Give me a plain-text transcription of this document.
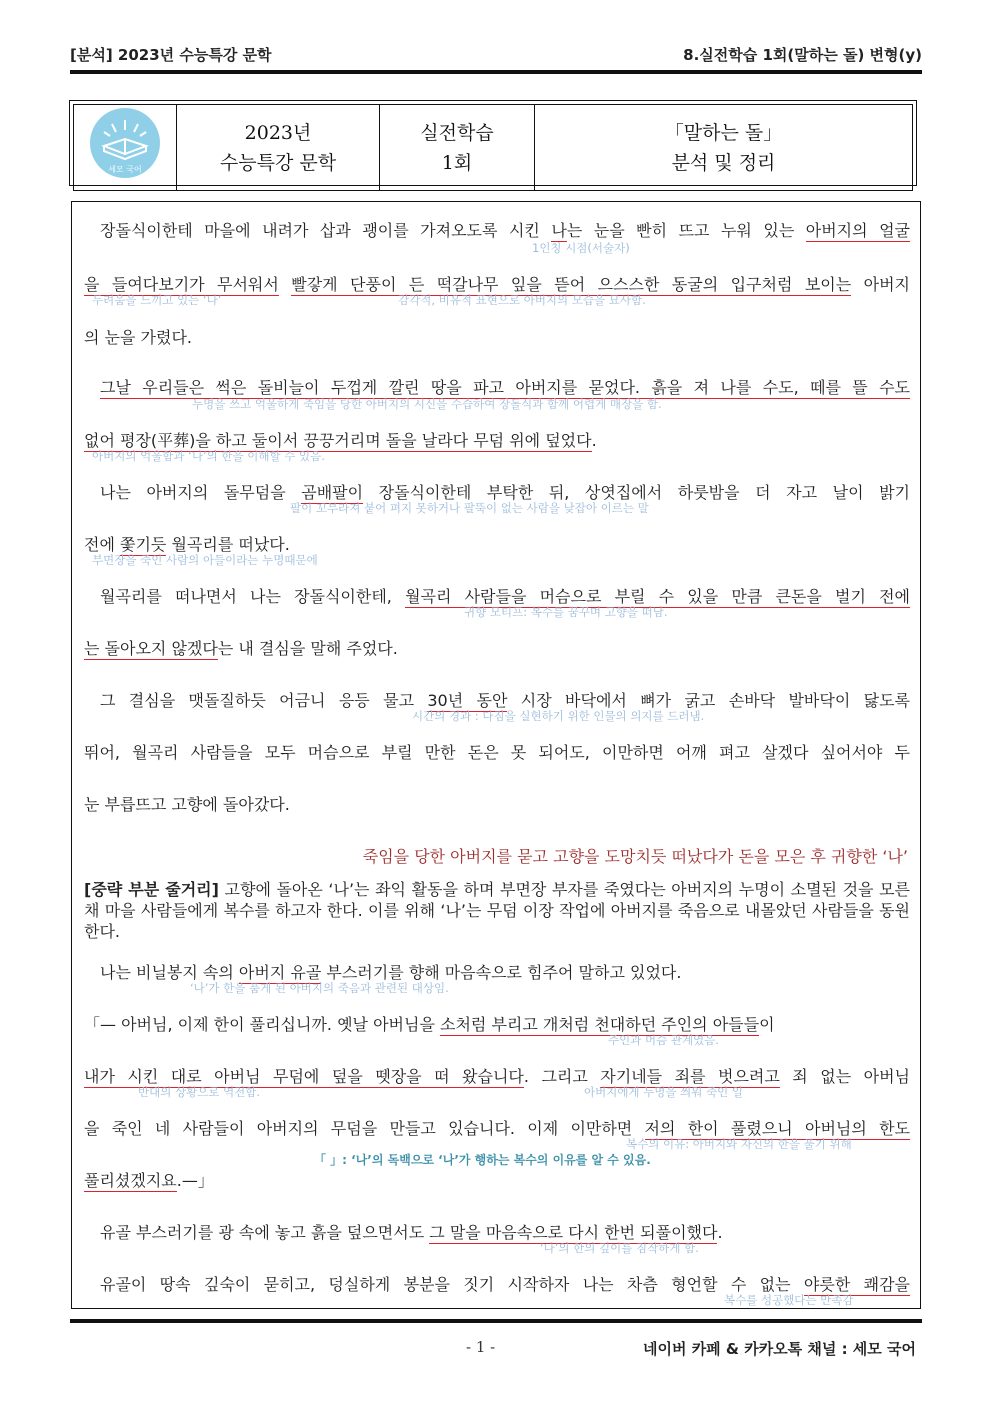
[분석] 2023년 수능특강 문학	8.실전학습 1회(말하는 돌) 변형(y)
세모 국어

2023년
수능특강 문학

실전학습
1회

「말하는 돌」
분석 및 정리
장돌식이한테 마을에 내려가 삽과 괭이를 가져오도록 시킨 나는 눈을 빤히 뜨고 누워 있는 아버지의 얼굴
1인칭 시점(서술자)
을 들여다보기가 무서워서 빨갛게 단풍이 든 떡갈나무 잎을 뜯어 으스스한 동굴의 입구처럼 보이는 아버지
두려움을 느끼고 있는 ‘나’	감각적, 비유적 표현으로 아버지의 모습을 묘사함.
의 눈을 가렸다.
그날 우리들은 썩은 돌비늘이 두껍게 깔린 땅을 파고 아버지를 묻었다. 흙을 져 나를 수도, 떼를 뜰 수도
누명을 쓰고 억울하게 죽임을 당한 아버지의 시신을 수습하여 장돌식과 함께 어렵게 매장을 함.
없어 평장(平葬)을 하고 둘이서 끙끙거리며 돌을 날라다 무덤 위에 덮었다.
아버지의 억울함과 ‘나’의 한을 이해할 수 있음.
나는 아버지의 돌무덤을 곰배팔이 장돌식이한테 부탁한 뒤, 상엿집에서 하룻밤을 더 자고 날이 밝기
팔이 꼬부라져 붙어 펴지 못하거나 팔뚝이 없는 사람을 낮잡아 이르는 말
전에 쫓기듯 월곡리를 떠났다.
부면장을 죽인 사람의 아들이라는 누명때문에
월곡리를 떠나면서 나는 장돌식이한테, 월곡리 사람들을 머슴으로 부릴 수 있을 만큼 큰돈을 벌기 전에
귀향 모티프: 복수를 꿈꾸며 고향을 떠남.
는 돌아오지 않겠다는 내 결심을 말해 주었다.
그 결심을 맷돌질하듯 어금니 응등 물고 30년 동안 시장 바닥에서 뼈가 굵고 손바닥 발바닥이 닳도록
시간의 경과 : 다짐을 실현하기 위한 인물의 의지를 드러냄.
뛰어, 월곡리 사람들을 모두 머슴으로 부릴 만한 돈은 못 되어도, 이만하면 어깨 펴고 살겠다 싶어서야 두
눈 부릅뜨고 고향에 돌아갔다.
죽임을 당한 아버지를 묻고 고향을 도망치듯 떠났다가 돈을 모은 후 귀향한 ‘나’
[중략 부분 줄거리] 고향에 돌아온 ‘나’는 좌익 활동을 하며 부면장 부자를 죽였다는 아버지의 누명이 소멸된 것을 모른 채 마을 사람들에게 복수를 하고자 한다. 이를 위해 ‘나’는 무덤 이장 작업에 아버지를 죽음으로 내몰았던 사람들을 동원한다.
나는 비닐봉지 속의 아버지 유골 부스러기를 향해 마음속으로 힘주어 말하고 있었다.
‘나’가 한을 품게 된 아버지의 죽음과 관련된 대상임.
「— 아버님, 이제 한이 풀리십니까. 옛날 아버님을 소처럼 부리고 개처럼 천대하던 주인의 아들들이
주인과 머슴 관계였음.
내가 시킨 대로 아버님 무덤에 덮을 뗏장을 떠 왔습니다. 그리고 자기네들 죄를 벗으려고 죄 없는 아버님
반대의 상황으로 역전함.	아버지에게 누명을 씌워 죽인 일
을 죽인 네 사람들이 아버지의 무덤을 만들고 있습니다. 이제 이만하면 저의 한이 풀렸으니 아버님의 한도
복수의 이유: 아버지와 자신의 한을 풀기 위해
「 」: ‘나’의 독백으로 ‘나’가 행하는 복수의 이유를 알 수 있음.
풀리셨겠지요.—」
유골 부스러기를 광 속에 놓고 흙을 덮으면서도 그 말을 마음속으로 다시 한번 되풀이했다.
‘나’의 한의 깊이를 짐작하게 함.
유골이 땅속 깊숙이 묻히고, 덩실하게 봉분을 짓기 시작하자 나는 차츰 형언할 수 없는 야릇한 쾌감을
복수를 성공했다는 만족감
- 1 -	네이버 카페 & 카카오톡 채널 : 세모 국어
